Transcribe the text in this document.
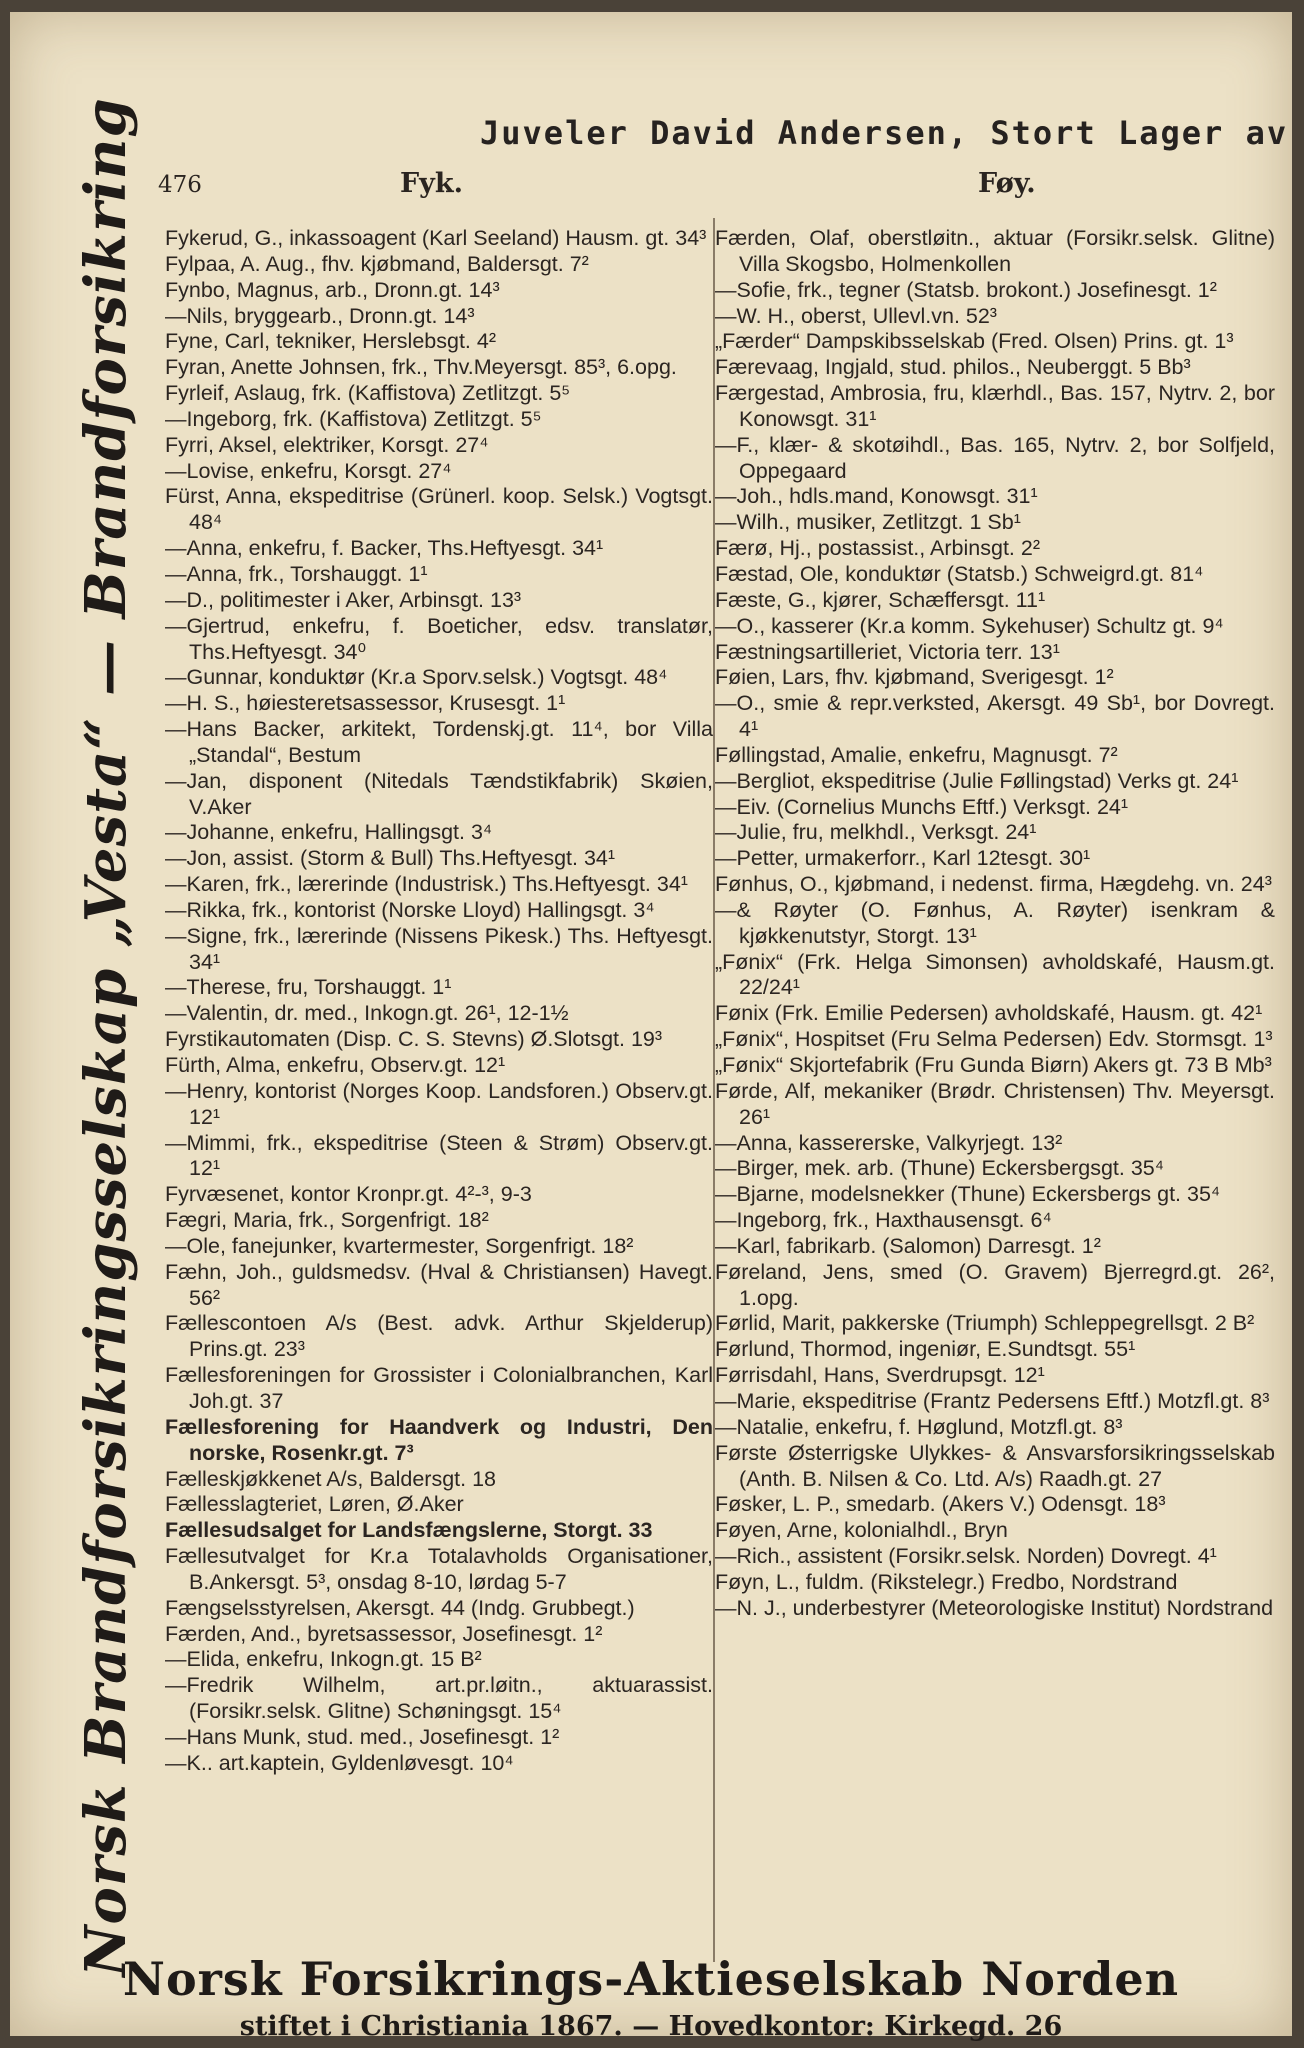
Juveler David Andersen, Stort Lager av
476	Fyk.	Føy.
Norsk Brandforsikringsselskap „Vesta“ — Brandforsikring Fykerud, G., inkassoagent (Karl Seeland) Hausm. gt. 34³
Fylpaa, A. Aug., fhv. kjøbmand, Baldersgt. 7²
Fynbo, Magnus, arb., Dronn.gt. 14³
—Nils, bryggearb., Dronn.gt. 14³
Fyne, Carl, tekniker, Herslebsgt. 4²
Fyran, Anette Johnsen, frk., Thv.Meyersgt. 85³, 6.opg.
Fyrleif, Aslaug, frk. (Kaffistova) Zetlitzgt. 5⁵
—Ingeborg, frk. (Kaffistova) Zetlitzgt. 5⁵
Fyrri, Aksel, elektriker, Korsgt. 27⁴
—Lovise, enkefru, Korsgt. 27⁴
Fürst, Anna, ekspeditrise (Grünerl. koop. Selsk.) Vogtsgt. 48⁴
—Anna, enkefru, f. Backer, Ths.Heftyesgt. 34¹
—Anna, frk., Torshauggt. 1¹
—D., politimester i Aker, Arbinsgt. 13³
—Gjertrud, enkefru, f. Boeticher, edsv. translatør, Ths.Heftyesgt. 34⁰
—Gunnar, konduktør (Kr.a Sporv.selsk.) Vogtsgt. 48⁴
—H. S., høiesteretsassessor, Krusesgt. 1¹
—Hans Backer, arkitekt, Tordenskj.gt. 11⁴, bor Villa „Standal“, Bestum
—Jan, disponent (Nitedals Tændstikfabrik) Skøien, V.Aker
—Johanne, enkefru, Hallingsgt. 3⁴
—Jon, assist. (Storm & Bull) Ths.Heftyesgt. 34¹
—Karen, frk., lærerinde (Industrisk.) Ths.Heftyesgt. 34¹
—Rikka, frk., kontorist (Norske Lloyd) Hallingsgt. 3⁴
—Signe, frk., lærerinde (Nissens Pikesk.) Ths. Heftyesgt. 34¹
—Therese, fru, Torshauggt. 1¹
—Valentin, dr. med., Inkogn.gt. 26¹, 12-1½
Fyrstikautomaten (Disp. C. S. Stevns) Ø.Slotsgt. 19³
Fürth, Alma, enkefru, Observ.gt. 12¹
—Henry, kontorist (Norges Koop. Landsforen.) Observ.gt. 12¹
—Mimmi, frk., ekspeditrise (Steen & Strøm) Observ.gt. 12¹
Fyrvæsenet, kontor Kronpr.gt. 4²-³, 9-3
Fægri, Maria, frk., Sorgenfrigt. 18²
—Ole, fanejunker, kvartermester, Sorgenfrigt. 18²
Fæhn, Joh., guldsmedsv. (Hval & Christiansen) Havegt. 56²
Fællescontoen A/s (Best. advk. Arthur Skjelderup) Prins.gt. 23³
Fællesforeningen for Grossister i Colonialbranchen, Karl Joh.gt. 37
Fællesforening for Haandverk og Industri, Den norske, Rosenkr.gt. 7³
Fælleskjøkkenet A/s, Baldersgt. 18
Fællesslagteriet, Løren, Ø.Aker
Fællesudsalget for Landsfængslerne, Storgt. 33
Fællesutvalget for Kr.a Totalavholds Organisationer, B.Ankersgt. 5³, onsdag 8-10, lørdag 5-7
Fængselsstyrelsen, Akersgt. 44 (Indg. Grubbegt.)
Færden, And., byretsassessor, Josefinesgt. 1²
—Elida, enkefru, Inkogn.gt. 15 B²
—Fredrik Wilhelm, art.pr.løitn., aktuarassist. (Forsikr.selsk. Glitne) Schøningsgt. 15⁴
—Hans Munk, stud. med., Josefinesgt. 1²
—K.. art.kaptein, Gyldenløvesgt. 10⁴
Færden, Olaf, oberstløitn., aktuar (Forsikr.selsk. Glitne) Villa Skogsbo, Holmenkollen
—Sofie, frk., tegner (Statsb. brokont.) Josefinesgt. 1²
—W. H., oberst, Ullevl.vn. 52³
„Færder“ Dampskibsselskab (Fred. Olsen) Prins. gt. 1³
Færevaag, Ingjald, stud. philos., Neuberggt. 5 Bb³
Færgestad, Ambrosia, fru, klærhdl., Bas. 157, Nytrv. 2, bor Konowsgt. 31¹
—F., klær- & skotøihdl., Bas. 165, Nytrv. 2, bor Solfjeld, Oppegaard
—Joh., hdls.mand, Konowsgt. 31¹
—Wilh., musiker, Zetlitzgt. 1 Sb¹
Færø, Hj., postassist., Arbinsgt. 2²
Fæstad, Ole, konduktør (Statsb.) Schweigrd.gt. 81⁴
Fæste, G., kjører, Schæffersgt. 11¹
—O., kasserer (Kr.a komm. Sykehuser) Schultz gt. 9⁴
Fæstningsartilleriet, Victoria terr. 13¹
Føien, Lars, fhv. kjøbmand, Sverigesgt. 1²
—O., smie & repr.verksted, Akersgt. 49 Sb¹, bor Dovregt. 4¹
Føllingstad, Amalie, enkefru, Magnusgt. 7²
—Bergliot, ekspeditrise (Julie Føllingstad) Verks gt. 24¹
—Eiv. (Cornelius Munchs Eftf.) Verksgt. 24¹
—Julie, fru, melkhdl., Verksgt. 24¹
—Petter, urmakerforr., Karl 12tesgt. 30¹
Fønhus, O., kjøbmand, i nedenst. firma, Hægdehg. vn. 24³
—& Røyter (O. Fønhus, A. Røyter) isenkram & kjøkkenutstyr, Storgt. 13¹
„Fønix“ (Frk. Helga Simonsen) avholdskafé, Hausm.gt. 22/24¹
Fønix (Frk. Emilie Pedersen) avholdskafé, Hausm. gt. 42¹
„Fønix“, Hospitset (Fru Selma Pedersen) Edv. Stormsgt. 1³
„Fønix“ Skjortefabrik (Fru Gunda Biørn) Akers gt. 73 B Mb³
Førde, Alf, mekaniker (Brødr. Christensen) Thv. Meyersgt. 26¹
—Anna, kassererske, Valkyrjegt. 13²
—Birger, mek. arb. (Thune) Eckersbergsgt. 35⁴
—Bjarne, modelsnekker (Thune) Eckersbergs gt. 35⁴
—Ingeborg, frk., Haxthausensgt. 6⁴
—Karl, fabrikarb. (Salomon) Darresgt. 1²
Føreland, Jens, smed (O. Gravem) Bjerregrd.gt. 26², 1.opg.
Førlid, Marit, pakkerske (Triumph) Schleppegrellsgt. 2 B²
Førlund, Thormod, ingeniør, E.Sundtsgt. 55¹
Førrisdahl, Hans, Sverdrupsgt. 12¹
—Marie, ekspeditrise (Frantz Pedersens Eftf.) Motzfl.gt. 8³
—Natalie, enkefru, f. Høglund, Motzfl.gt. 8³
Første Østerrigske Ulykkes- & Ansvarsforsikringsselskab (Anth. B. Nilsen & Co. Ltd. A/s) Raadh.gt. 27
Føsker, L. P., smedarb. (Akers V.) Odensgt. 18³
Føyen, Arne, kolonialhdl., Bryn
—Rich., assistent (Forsikr.selsk. Norden) Dovregt. 4¹
Føyn, L., fuldm. (Rikstelegr.) Fredbo, Nordstrand
—N. J., underbestyrer (Meteorologiske Institut) Nordstrand
Norsk Forsikrings-Aktieselskab Norden
stiftet i Christiania 1867. — Hovedkontor: Kirkegd. 26
